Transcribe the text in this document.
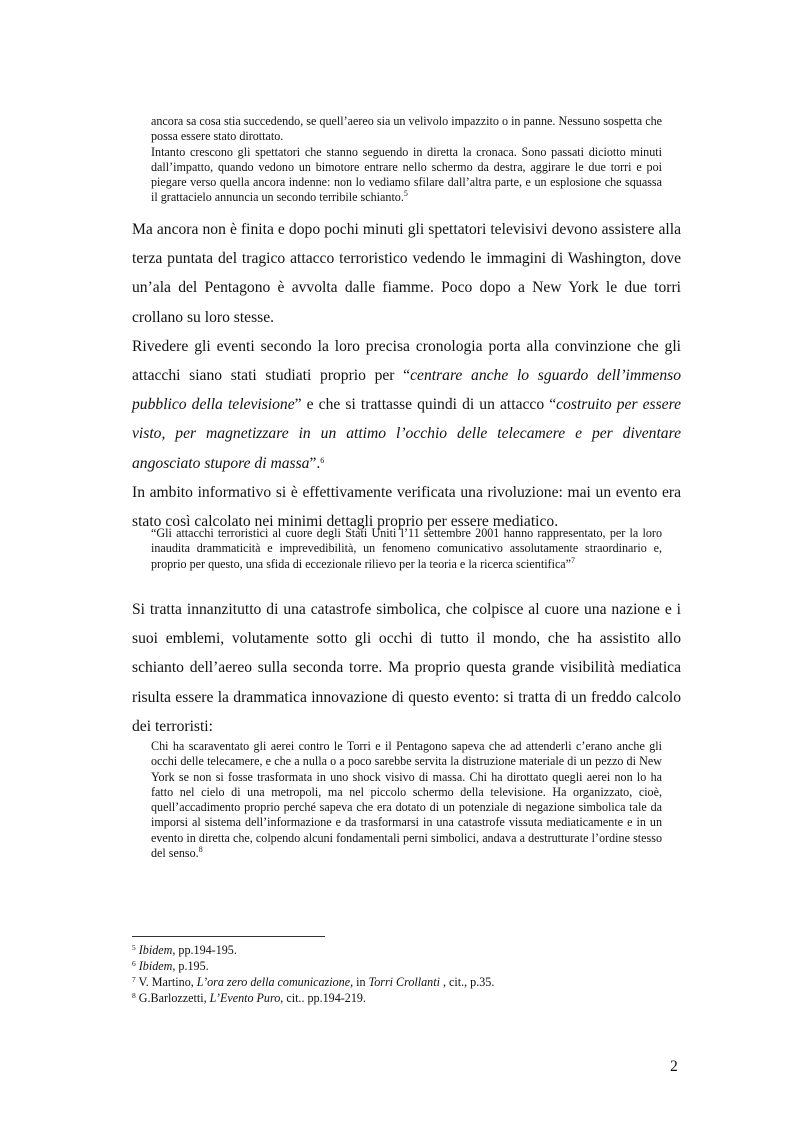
ancora sa cosa stia succedendo, se quell’aereo sia un velivolo impazzito o in panne. Nessuno sospetta che possa essere stato dirottato.

Intanto crescono gli spettatori che stanno seguendo in diretta la cronaca. Sono passati diciotto minuti dall’impatto, quando vedono un bimotore entrare nello schermo da destra, aggirare le due torri e poi piegare verso quella ancora indenne: non lo vediamo sfilare dall’altra parte, e un esplosione che squassa il grattacielo annuncia un secondo terribile schianto.$^5$

Ma ancora non è finita e dopo pochi minuti gli spettatori televisivi devono assistere alla terza puntata del tragico attacco terroristico vedendo le immagini di Washington, dove un’ala del Pentagono è avvolta dalle fiamme. Poco dopo a New York le due torri crollano su loro stesse.

Rivedere gli eventi secondo la loro precisa cronologia porta alla convinzione che gli attacchi siano stati studiati proprio per “centrare anche lo sguardo dell’immenso pubblico della televisione” e che si trattasse quindi di un attacco “costruito per essere visto, per magnetizzare in un attimo l’occhio delle telecamere e per diventare angosciato stupore di massa”.$^6$

In ambito informativo si è effettivamente verificata una rivoluzione: mai un evento era stato così calcolato nei minimi dettagli proprio per essere mediatico.

“Gli attacchi terroristici al cuore degli Stati Uniti l’11 settembre 2001 hanno rappresentato, per la loro inaudita drammaticità e imprevedibilità, un fenomeno comunicativo assolutamente straordinario e, proprio per questo, una sfida di eccezionale rilievo per la teoria e la ricerca scientifica”$^7$

Si tratta innanzitutto di una catastrofe simbolica, che colpisce al cuore una nazione e i suoi emblemi, volutamente sotto gli occhi di tutto il mondo, che ha assistito allo schianto dell’aereo sulla seconda torre. Ma proprio questa grande visibilità mediatica risulta essere la drammatica innovazione di questo evento: si tratta di un freddo calcolo dei terroristi:

Chi ha scaraventato gli aerei contro le Torri e il Pentagono sapeva che ad attenderli c’erano anche gli occhi delle telecamere, e che a nulla o a poco sarebbe servita la distruzione materiale di un pezzo di New York se non si fosse trasformata in uno shock visivo di massa. Chi ha dirottato quegli aerei non lo ha fatto nel cielo di una metropoli, ma nel piccolo schermo della televisione. Ha organizzato, cioè, quell’accadimento proprio perché sapeva che era dotato di un potenziale di negazione simbolica tale da imporsi al sistema dell’informazione e da trasformarsi in una catastrofe vissuta mediaticamente e in un evento in diretta che, colpendo alcuni fondamentali perni simbolici, andava a destrutturate l’ordine stesso del senso.$^8$

$^5$ Ibidem, pp.194-195.
$^6$ Ibidem, p.195.
$^7$ V. Martino, L’ora zero della comunicazione, in Torri Crollanti , cit., p.35.
$^8$ G.Barlozzetti, L’Evento Puro, cit.. pp.194-219.
2
